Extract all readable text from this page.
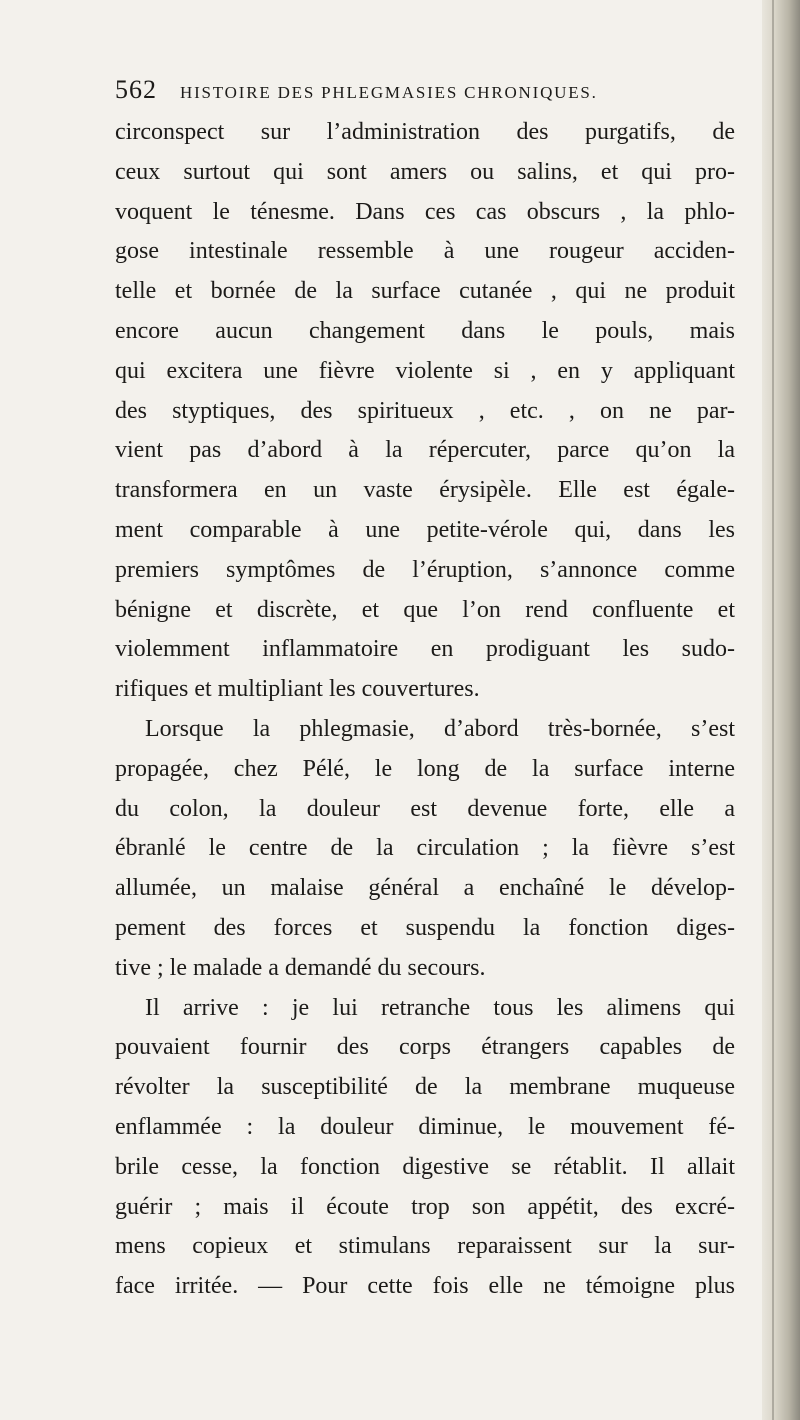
562 HISTOIRE DES PHLEGMASIES CHRONIQUES.
circonspect sur l’administration des purgatifs, de
ceux surtout qui sont amers ou salins, et qui pro-
voquent le ténesme. Dans ces cas obscurs , la phlo-
gose intestinale ressemble à une rougeur acciden-
telle et bornée de la surface cutanée , qui ne produit
encore aucun changement dans le pouls, mais
qui excitera une fièvre violente si , en y appliquant
des styptiques, des spiritueux , etc. , on ne par-
vient pas d’abord à la répercuter, parce qu’on la
transformera en un vaste érysipèle. Elle est égale-
ment comparable à une petite-vérole qui, dans les
premiers symptômes de l’éruption, s’annonce comme
bénigne et discrète, et que l’on rend confluente et
violemment inflammatoire en prodiguant les sudo-
rifiques et multipliant les couvertures.
Lorsque la phlegmasie, d’abord très-bornée, s’est
propagée, chez Pélé, le long de la surface interne
du colon, la douleur est devenue forte, elle a
ébranlé le centre de la circulation ; la fièvre s’est
allumée, un malaise général a enchaîné le dévelop-
pement des forces et suspendu la fonction diges-
tive ; le malade a demandé du secours.
Il arrive : je lui retranche tous les alimens qui
pouvaient fournir des corps étrangers capables de
révolter la susceptibilité de la membrane muqueuse
enflammée : la douleur diminue, le mouvement fé-
brile cesse, la fonction digestive se rétablit. Il allait
guérir ; mais il écoute trop son appétit, des excré-
mens copieux et stimulans reparaissent sur la sur-
face irritée. — Pour cette fois elle ne témoigne plus
